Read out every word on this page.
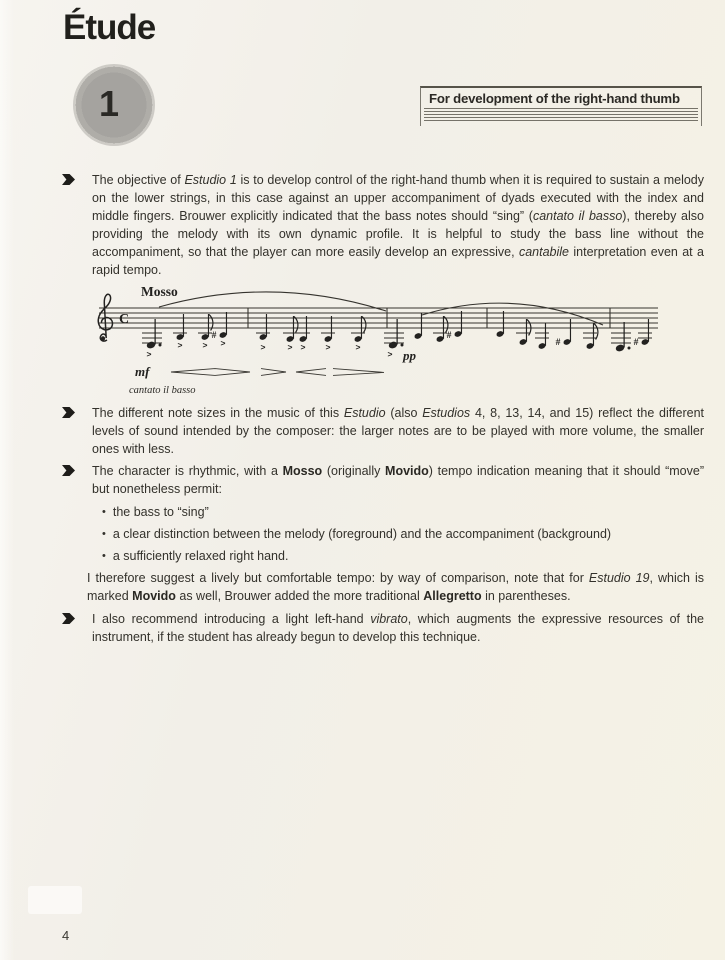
Étude
1	For development of the right-hand thumb
The objective of Estudio 1 is to develop control of the right-hand thumb when it is required to sustain a melody on the lower strings, in this case against an upper accompaniment of dyads executed with the index and middle fingers. Brouwer explicitly indicated that the bass notes should “sing” (cantato il basso), thereby also providing the melody with its own dynamic profile. It is helpful to study the bass line without the accompaniment, so that the player can more easily develop an expressive, cantabile interpretation even at a rapid tempo.
C
Mosso
#	#
#	#
>
> > >	>	> > >	>
>
mf
pp
cantato il basso
The different note sizes in the music of this Estudio (also Estudios 4, 8, 13, 14, and 15) reflect the different levels of sound intended by the composer: the larger notes are to be played with more volume, the smaller ones with less.
The character is rhythmic, with a Mosso (originally Movido) tempo indication meaning that it should “move” but nonetheless permit:
• the bass to “sing”
• a clear distinction between the melody (foreground) and the accompaniment (background)
• a sufficiently relaxed right hand.
I therefore suggest a lively but comfortable tempo: by way of comparison, note that for Estudio 19, which is marked Movido as well, Brouwer added the more traditional Allegretto in parentheses.
I also recommend introducing a light left-hand vibrato, which augments the expressive resources of the instrument, if the student has already begun to develop this technique.
4
